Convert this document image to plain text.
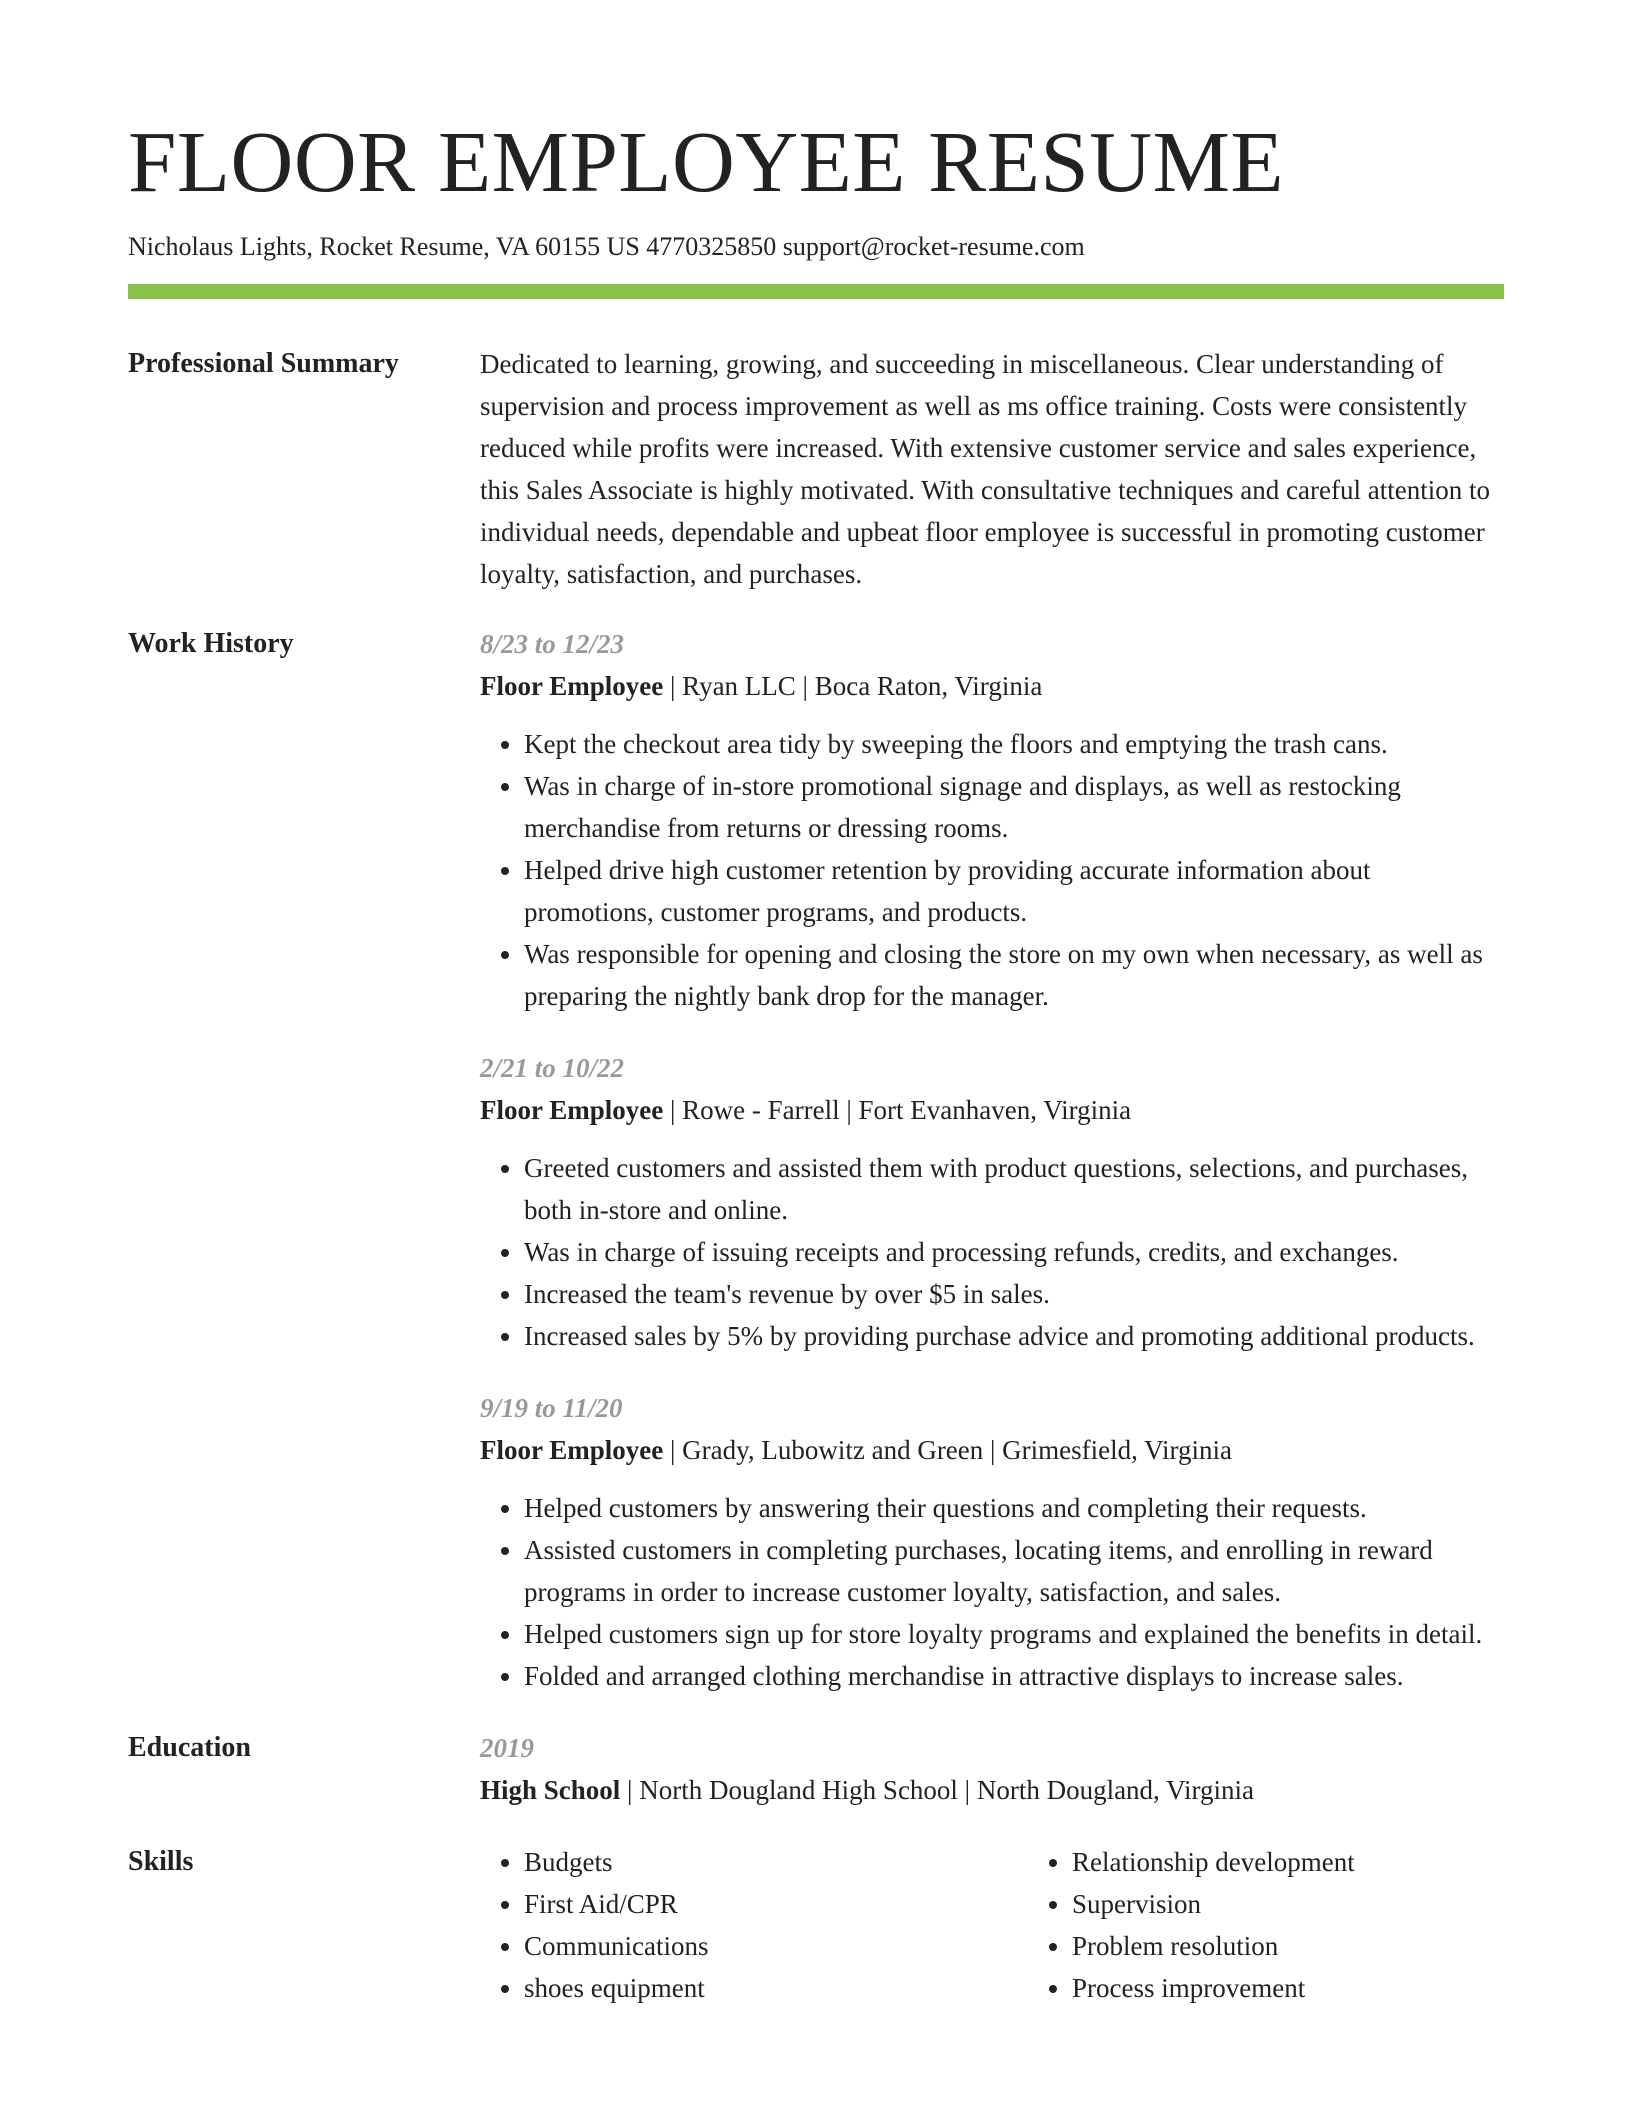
FLOOR EMPLOYEE RESUME
Nicholaus Lights, Rocket Resume, VA 60155 US 4770325850 support@rocket-resume.com
Professional Summary	Dedicated to learning, growing, and succeeding in miscellaneous. Clear understanding of supervision and process improvement as well as ms office training. Costs were consistently reduced while profits were increased. With extensive customer service and sales experience, this Sales Associate is highly motivated. With consultative techniques and careful attention to individual needs, dependable and upbeat floor employee is successful in promoting customer loyalty, satisfaction, and purchases.
Work History	8/23 to 12/23
Floor Employee | Ryan LLC | Boca Raton, Virginia
• Kept the checkout area tidy by sweeping the floors and emptying the trash cans.
• Was in charge of in-store promotional signage and displays, as well as restocking merchandise from returns or dressing rooms.
• Helped drive high customer retention by providing accurate information about promotions, customer programs, and products.
• Was responsible for opening and closing the store on my own when necessary, as well as preparing the nightly bank drop for the manager.
2/21 to 10/22
Floor Employee | Rowe - Farrell | Fort Evanhaven, Virginia
• Greeted customers and assisted them with product questions, selections, and purchases, both in-store and online.
• Was in charge of issuing receipts and processing refunds, credits, and exchanges.
• Increased the team's revenue by over $5 in sales.
• Increased sales by 5% by providing purchase advice and promoting additional products.
9/19 to 11/20
Floor Employee | Grady, Lubowitz and Green | Grimesfield, Virginia
• Helped customers by answering their questions and completing their requests.
• Assisted customers in completing purchases, locating items, and enrolling in reward programs in order to increase customer loyalty, satisfaction, and sales.
• Helped customers sign up for store loyalty programs and explained the benefits in detail.
• Folded and arranged clothing merchandise in attractive displays to increase sales.
Education	2019
High School | North Dougland High School | North Dougland, Virginia
Skills
•	Budgets
• First Aid/CPR
• Communications
• shoes equipment
• Relationship development
• Supervision
• Problem resolution
• Process improvement
